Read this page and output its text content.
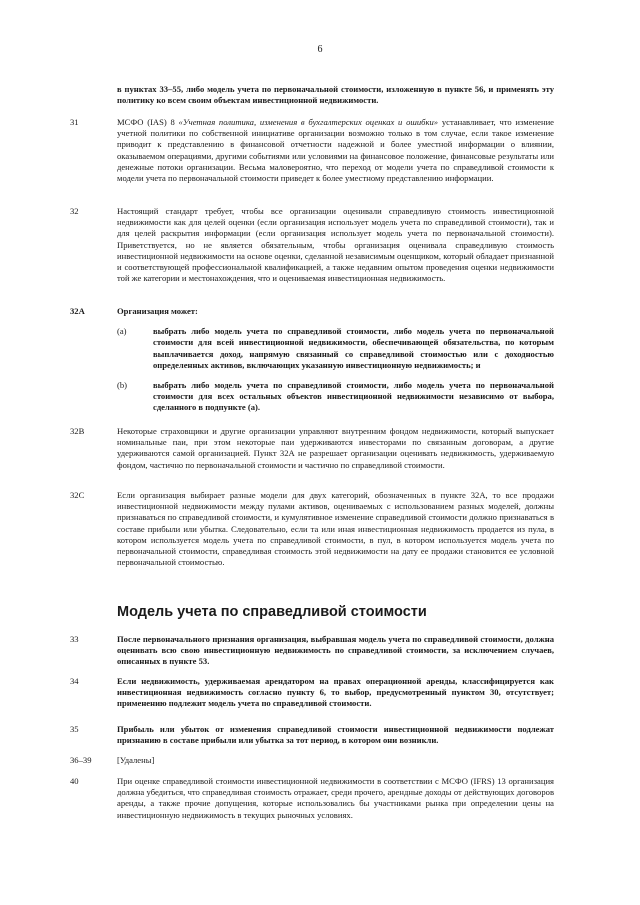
6
в пунктах 33–55, либо модель учета по первоначальной стоимости, изложенную в пункте 56, и применять эту политику ко всем своим объектам инвестиционной недвижимости.
31	МСФО (IAS) 8 «Учетная политика, изменения в бухгалтерских оценках и ошибки» устанавливает, что изменение учетной политики по собственной инициативе организации возможно только в том случае, если такое изменение приводит к представлению в финансовой отчетности надежной и более уместной информации о влиянии, оказываемом операциями, другими событиями или условиями на финансовое положение, финансовые результаты или денежные потоки организации. Весьма маловероятно, что переход от модели учета по справедливой стоимости к модели учета по первоначальной стоимости приведет к более уместному представлению информации.
32	Настоящий стандарт требует, чтобы все организации оценивали справедливую стоимость инвестиционной недвижимости как для целей оценки (если организация использует модель учета по справедливой стоимости), так и для целей раскрытия информации (если организация использует модель учета по первоначальной стоимости). Приветствуется, но не является обязательным, чтобы организация оценивала справедливую стоимость инвестиционной недвижимости на основе оценки, сделанной независимым оценщиком, который обладает признанной и соответствующей профессиональной квалификацией, а также недавним опытом проведения оценки недвижимости той же категории и местонахождения, что и оцениваемая инвестиционная недвижимость.
32A	Организация может:
(a)	выбрать либо модель учета по справедливой стоимости, либо модель учета по первоначальной стоимости для всей инвестиционной недвижимости, обеспечивающей обязательства, по которым выплачивается доход, напрямую связанный со справедливой стоимостью или с доходностью определенных активов, включающих указанную инвестиционную недвижимость; и
(b)	выбрать либо модель учета по справедливой стоимости, либо модель учета по первоначальной стоимости для всех остальных объектов инвестиционной недвижимости независимо от выбора, сделанного в подпункте (а).
32B	Некоторые страховщики и другие организации управляют внутренним фондом недвижимости, который выпускает номинальные паи, при этом некоторые паи удерживаются инвесторами по связанным договорам, а другие удерживаются самой организацией. Пункт 32А не разрешает организации оценивать недвижимость, удерживаемую фондом, частично по первоначальной стоимости и частично по справедливой стоимости.
32C	Если организация выбирает разные модели для двух категорий, обозначенных в пункте 32А, то все продажи инвестиционной недвижимости между пулами активов, оцениваемых с использованием разных моделей, должны признаваться по справедливой стоимости, и кумулятивное изменение справедливой стоимости должно признаваться в составе прибыли или убытка. Следовательно, если та или иная инвестиционная недвижимость продается из пула, в котором используется модель учета по справедливой стоимости, в пул, в котором используется модель учета по первоначальной стоимости, справедливая стоимость этой недвижимости на дату ее продажи становится ее условной первоначальной стоимостью.
Модель учета по справедливой стоимости
33	После первоначального признания организация, выбравшая модель учета по справедливой стоимости, должна оценивать всю свою инвестиционную недвижимость по справедливой стоимости, за исключением случаев, описанных в пункте 53.
34	Если недвижимость, удерживаемая арендатором на правах операционной аренды, классифицируется как инвестиционная недвижимость согласно пункту 6, то выбор, предусмотренный пунктом 30, отсутствует; применению подлежит модель учета по справедливой стоимости.
35	Прибыль или убыток от изменения справедливой стоимости инвестиционной недвижимости подлежат признанию в составе прибыли или убытка за тот период, в котором они возникли.
36–39	[Удалены]
40	При оценке справедливой стоимости инвестиционной недвижимости в соответствии с МСФО (IFRS) 13 организация должна убедиться, что справедливая стоимость отражает, среди прочего, арендные доходы от действующих договоров аренды, а также прочие допущения, которые использовались бы участниками рынка при определении цены на инвестиционную недвижимость в текущих рыночных условиях.
